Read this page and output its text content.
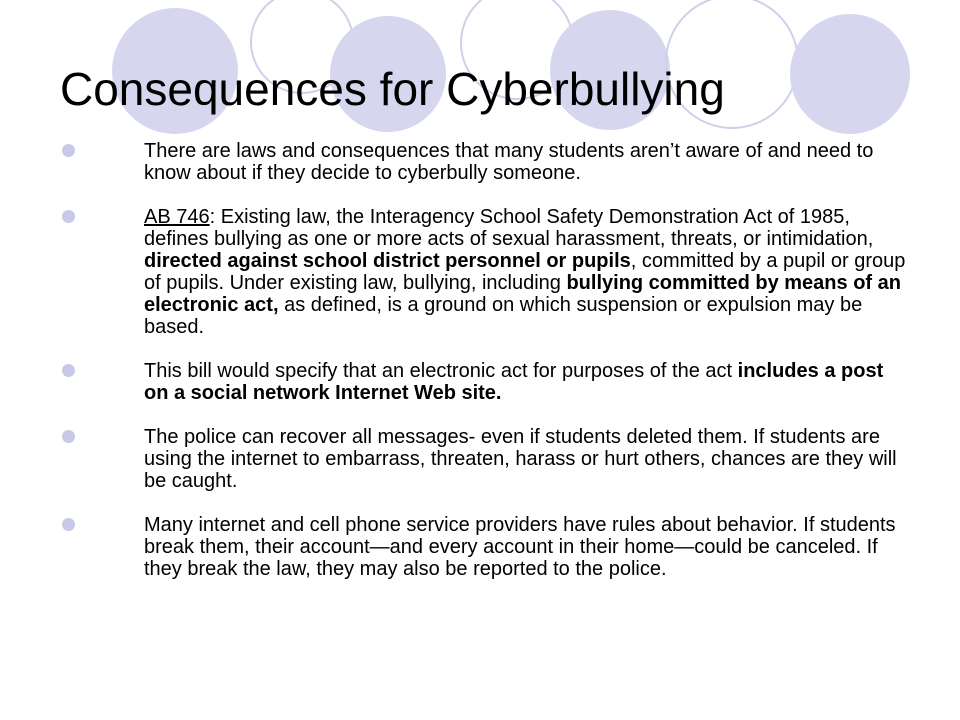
Consequences for Cyberbullying
There are laws and consequences that many students aren’t aware of and need to know about if they decide to cyberbully someone.
AB 746: Existing law, the Interagency School Safety Demonstration Act of 1985, defines bullying as one or more acts of sexual harassment, threats, or intimidation, directed against school district personnel or pupils, committed by a pupil or group of pupils. Under existing law, bullying, including bullying committed by means of an electronic act, as defined, is a ground on which suspension or expulsion may be based.
This bill would specify that an electronic act for purposes of the act includes a post on a social network Internet Web site.
The police can recover all messages- even if students deleted them. If students are using the internet to embarrass, threaten, harass or hurt others, chances are they will be caught.
Many internet and cell phone service providers have rules about behavior. If students break them, their account—and every account in their home—could be canceled. If they break the law, they may also be reported to the police.
